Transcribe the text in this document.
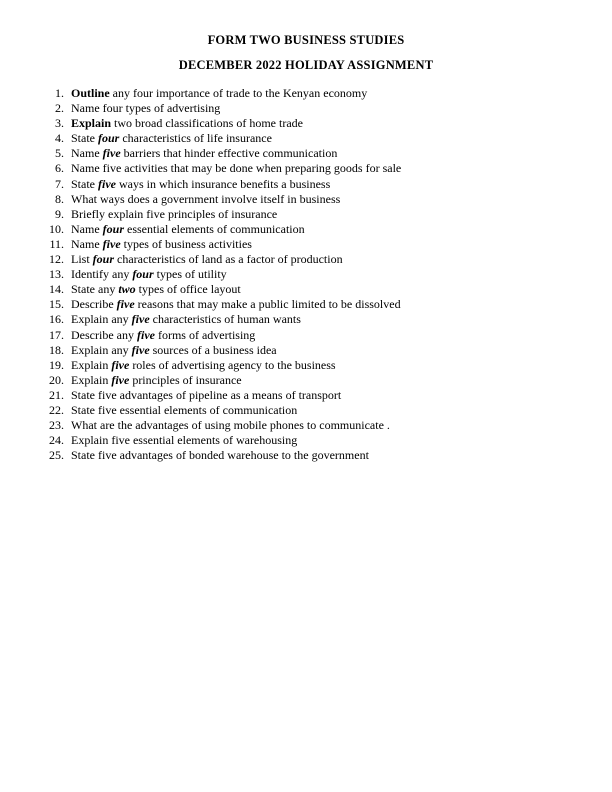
FORM TWO BUSINESS STUDIES
DECEMBER 2022 HOLIDAY ASSIGNMENT
1. Outline any four importance of trade to the Kenyan economy
2. Name four types of advertising
3. Explain two broad classifications of home trade
4. State four characteristics of life insurance
5. Name five barriers that hinder effective communication
6. Name five activities that may be done when preparing goods for sale
7. State five ways in which insurance benefits a business
8. What ways does a government involve itself in business
9. Briefly explain five principles of insurance
10. Name four essential elements of communication
11. Name five types of business activities
12. List four characteristics of land as a factor of production
13. Identify any four types of utility
14. State any two types of office layout
15. Describe five reasons that may make a public limited to be dissolved
16. Explain any five characteristics of human wants
17. Describe any five forms of advertising
18. Explain any five sources of a business idea
19. Explain five roles of advertising agency to the business
20. Explain five principles of insurance
21. State five advantages of pipeline as a means of transport
22. State five essential elements of communication
23. What are the advantages of using mobile phones to communicate .
24. Explain five essential elements of warehousing
25. State five advantages of bonded warehouse to the government
